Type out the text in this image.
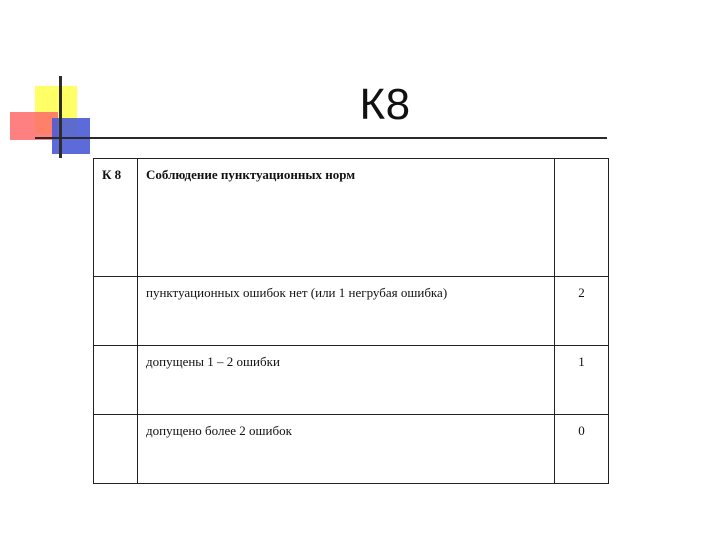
К8
К 8	Соблюдение пунктуационных норм	
	пунктуационных ошибок нет (или 1 негрубая ошибка)	2
	допущены 1 – 2 ошибки	1
	допущено более 2 ошибок	0
